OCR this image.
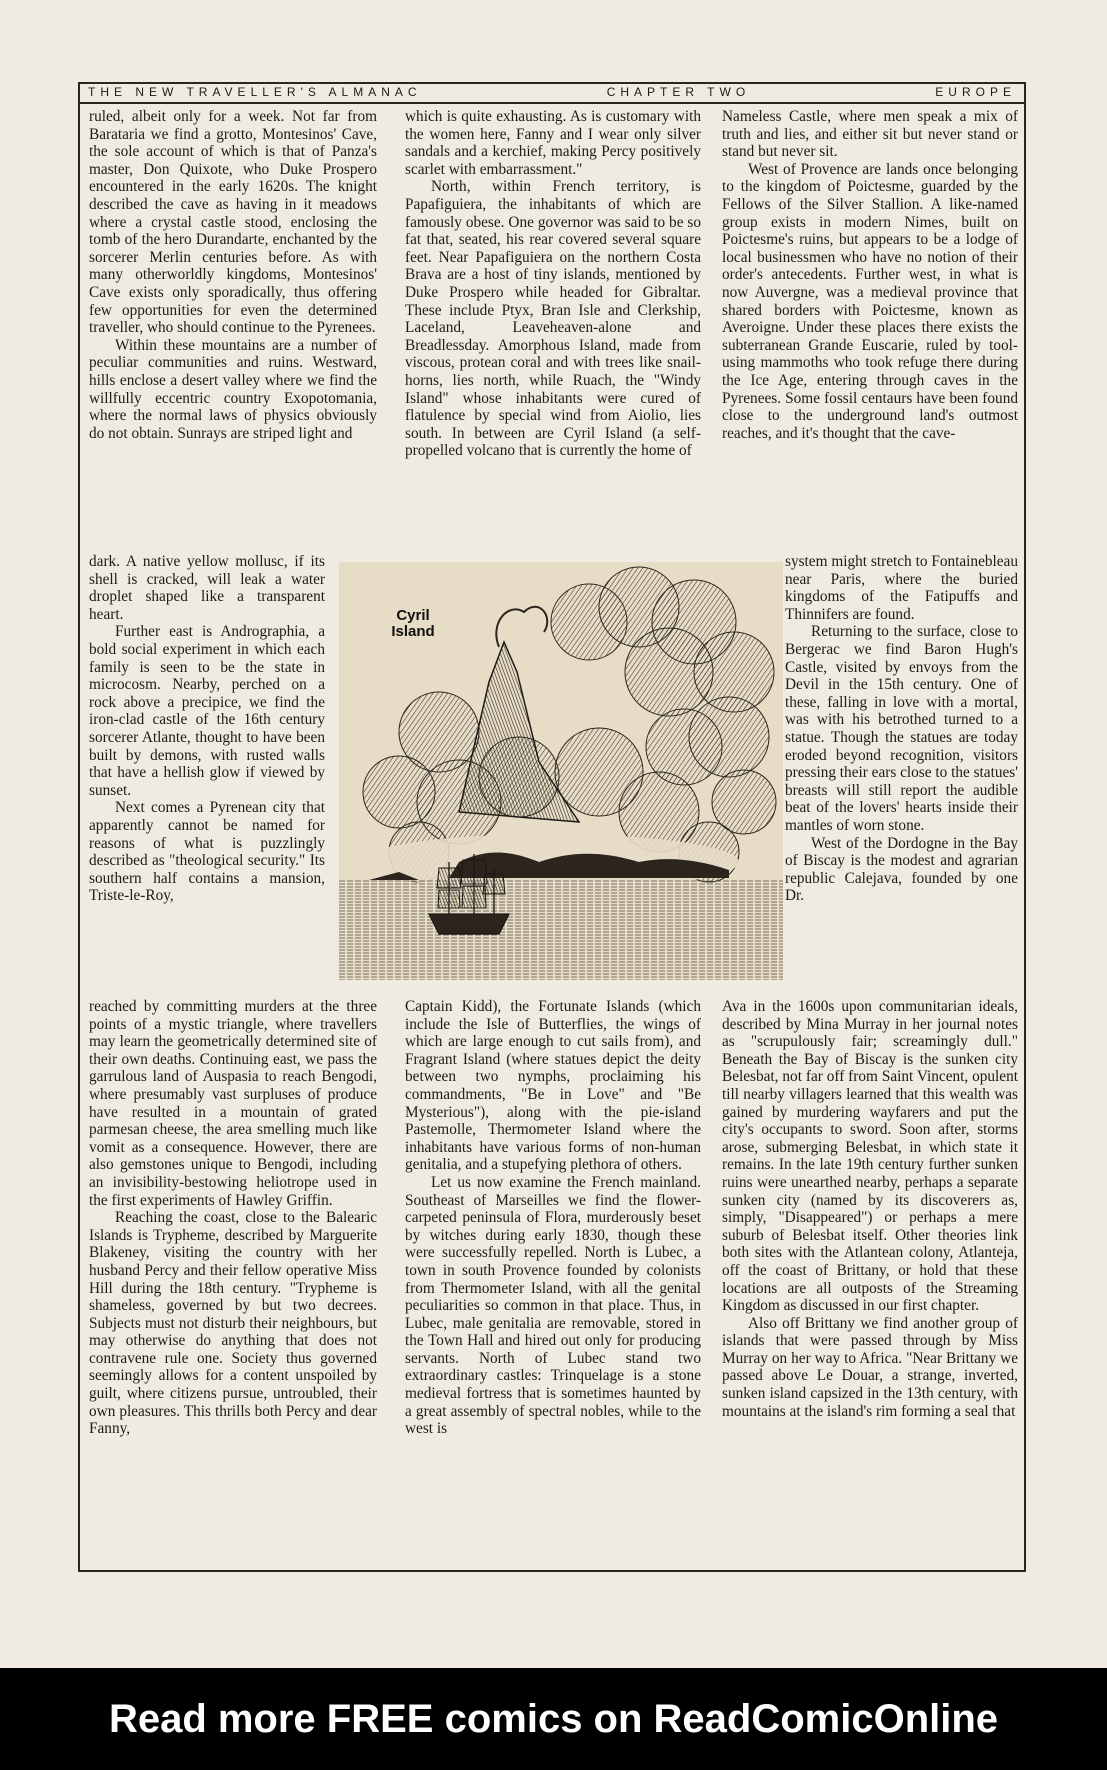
THE NEW TRAVELLER'S ALMANAC	CHAPTER TWO	EUROPE

ruled, albeit only for a week. Not far from Barataria we find a grotto, Montesinos' Cave, the sole account of which is that of Panza's master, Don Quixote, who Duke Prospero encountered in the early 1620s. The knight described the cave as having in it meadows where a crystal castle stood, enclosing the tomb of the hero Durandarte, enchanted by the sorcerer Merlin centuries before. As with many otherworldly kingdoms, Montesinos' Cave exists only sporadically, thus offering few opportunities for even the determined traveller, who should continue to the Pyrenees.

Within these mountains are a number of peculiar communities and ruins. Westward, hills enclose a desert valley where we find the willfully eccentric country Exopotomania, where the normal laws of physics obviously do not obtain. Sunrays are striped light and

dark. A native yellow mollusc, if its shell is cracked, will leak a water droplet shaped like a transparent heart.

Further east is Andrographia, a bold social experiment in which each family is seen to be the state in microcosm. Nearby, perched on a rock above a precipice, we find the iron-clad castle of the 16th century sorcerer Atlante, thought to have been built by demons, with rusted walls that have a hellish glow if viewed by sunset.

Next comes a Pyrenean city that apparently cannot be named for reasons of what is puzzlingly described as "theological security." Its southern half contains a mansion, Triste-le-Roy,

reached by committing murders at the three points of a mystic triangle, where travellers may learn the geometrically determined site of their own deaths. Continuing east, we pass the garrulous land of Auspasia to reach Bengodi, where presumably vast surpluses of produce have resulted in a mountain of grated parmesan cheese, the area smelling much like vomit as a consequence. However, there are also gemstones unique to Bengodi, including an invisibility-bestowing heliotrope used in the first experiments of Hawley Griffin.

Reaching the coast, close to the Balearic Islands is Trypheme, described by Marguerite Blakeney, visiting the country with her husband Percy and their fellow operative Miss Hill during the 18th century. "Trypheme is shameless, governed by but two decrees. Subjects must not disturb their neighbours, but may otherwise do anything that does not contravene rule one. Society thus governed seemingly allows for a content unspoiled by guilt, where citizens pursue, untroubled, their own pleasures. This thrills both Percy and dear Fanny,

which is quite exhausting. As is customary with the women here, Fanny and I wear only silver sandals and a kerchief, making Percy positively scarlet with embarrassment."

North, within French territory, is Papafiguiera, the inhabitants of which are famously obese. One governor was said to be so fat that, seated, his rear covered several square feet. Near Papafiguiera on the northern Costa Brava are a host of tiny islands, mentioned by Duke Prospero while headed for Gibraltar. These include Ptyx, Bran Isle and Clerkship, Laceland, Leaveheaven-alone and Breadlessday. Amorphous Island, made from viscous, protean coral and with trees like snail-horns, lies north, while Ruach, the "Windy Island" whose inhabitants were cured of flatulence by special wind from Aiolio, lies south. In between are Cyril Island (a self-propelled volcano that is currently the home of

Captain Kidd), the Fortunate Islands (which include the Isle of Butterflies, the wings of which are large enough to cut sails from), and Fragrant Island (where statues depict the deity between two nymphs, proclaiming his commandments, "Be in Love" and "Be Mysterious"), along with the pie-island Pastemolle, Thermometer Island where the inhabitants have various forms of non-human genitalia, and a stupefying plethora of others.

Let us now examine the French mainland. Southeast of Marseilles we find the flower-carpeted peninsula of Flora, murderously beset by witches during early 1830, though these were successfully repelled. North is Lubec, a town in south Provence founded by colonists from Thermometer Island, with all the genital peculiarities so common in that place. Thus, in Lubec, male genitalia are removable, stored in the Town Hall and hired out only for producing servants. North of Lubec stand two extraordinary castles: Trinquelage is a stone medieval fortress that is sometimes haunted by a great assembly of spectral nobles, while to the west is

Nameless Castle, where men speak a mix of truth and lies, and either sit but never stand or stand but never sit.

West of Provence are lands once belonging to the kingdom of Poictesme, guarded by the Fellows of the Silver Stallion. A like-named group exists in modern Nimes, built on Poictesme's ruins, but appears to be a lodge of local businessmen who have no notion of their order's antecedents. Further west, in what is now Auvergne, was a medieval province that shared borders with Poictesme, known as Averoigne. Under these places there exists the subterranean Grande Euscarie, ruled by tool-using mammoths who took refuge there during the Ice Age, entering through caves in the Pyrenees. Some fossil centaurs have been found close to the underground land's outmost reaches, and it's thought that the cave-

system might stretch to Fontainebleau near Paris, where the buried kingdoms of the Fatipuffs and Thinnifers are found.

Returning to the surface, close to Bergerac we find Baron Hugh's Castle, visited by envoys from the Devil in the 15th century. One of these, falling in love with a mortal, was with his betrothed turned to a statue. Though the statues are today eroded beyond recognition, visitors pressing their ears close to the statues' breasts will still report the audible beat of the lovers' hearts inside their mantles of worn stone.

West of the Dordogne in the Bay of Biscay is the modest and agrarian republic Calejava, founded by one Dr.

Ava in the 1600s upon communitarian ideals, described by Mina Murray in her journal notes as "scrupulously fair; screamingly dull." Beneath the Bay of Biscay is the sunken city Belesbat, not far off from Saint Vincent, opulent till nearby villagers learned that this wealth was gained by murdering wayfarers and put the city's occupants to sword. Soon after, storms arose, submerging Belesbat, in which state it remains. In the late 19th century further sunken ruins were unearthed nearby, perhaps a separate sunken city (named by its discoverers as, simply, "Disappeared") or perhaps a mere suburb of Belesbat itself. Other theories link both sites with the Atlantean colony, Atlanteja, off the coast of Brittany, or hold that these locations are all outposts of the Streaming Kingdom as discussed in our first chapter.

Also off Brittany we find another group of islands that were passed through by Miss Murray on her way to Africa. "Near Brittany we passed above Le Douar, a strange, inverted, sunken island capsized in the 13th century, with mountains at the island's rim forming a seal that

Cyril Island
Read more FREE comics on ReadComicOnline
